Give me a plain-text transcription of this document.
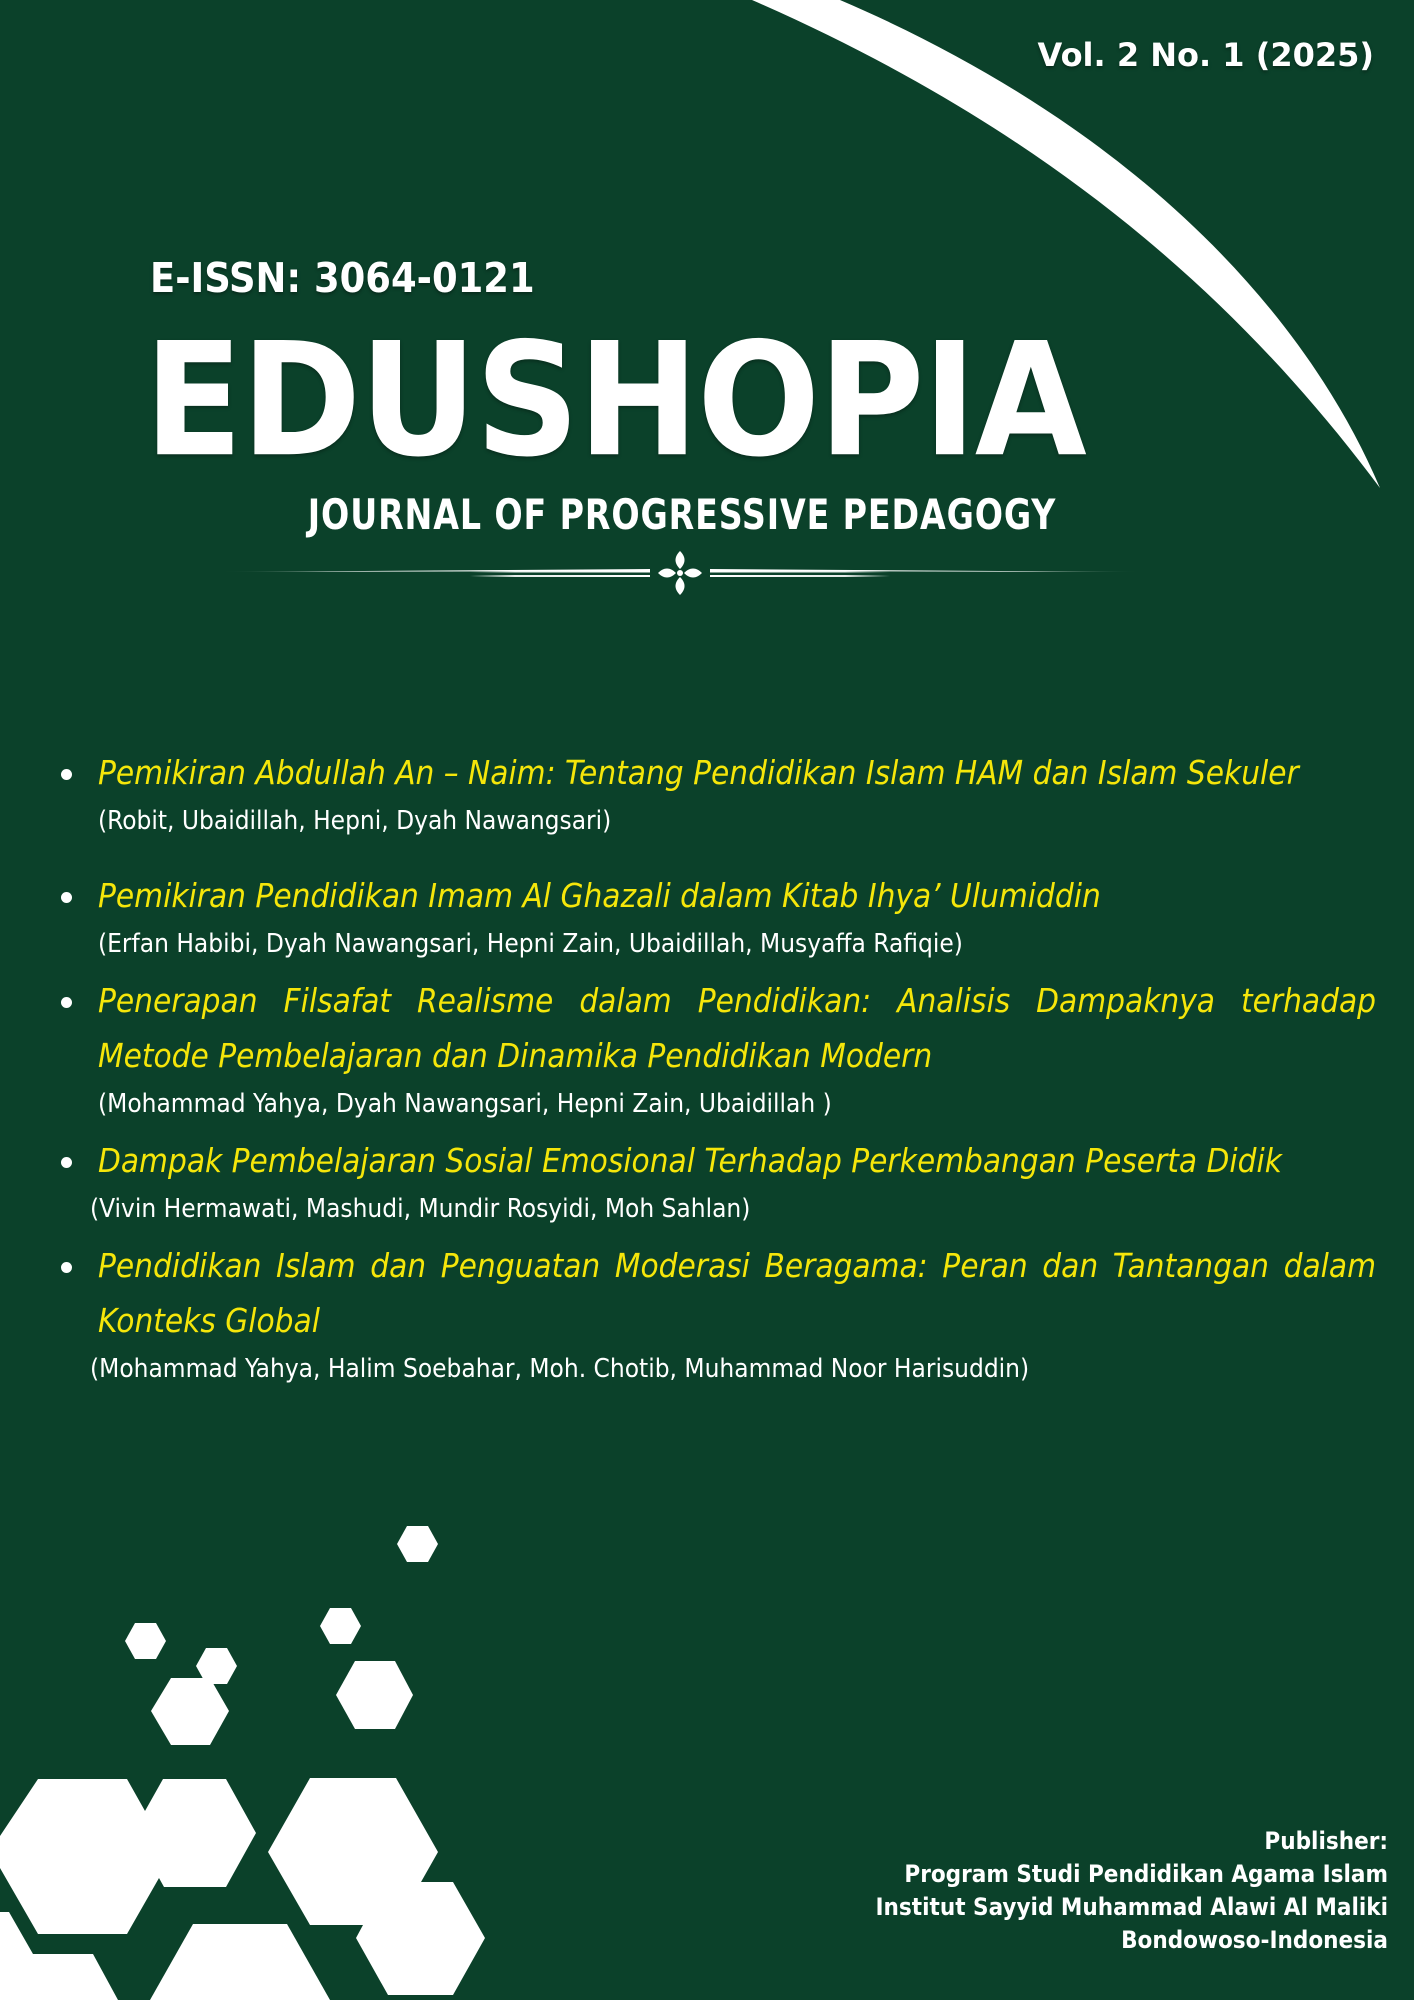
Vol. 2 No. 1 (2025)
E-ISSN: 3064-0121
EDUSHOPIA
JOURNAL OF PROGRESSIVE PEDAGOGY
Pemikiran Abdullah An – Naim: Tentang Pendidikan Islam HAM dan Islam Sekuler
(Robit, Ubaidillah, Hepni, Dyah Nawangsari)
Pemikiran Pendidikan Imam Al Ghazali dalam Kitab Ihya’ Ulumiddin
(Erfan Habibi, Dyah Nawangsari, Hepni Zain, Ubaidillah, Musyaffa Rafiqie)
Penerapan Filsafat Realisme dalam Pendidikan: Analisis Dampaknya terhadap Metode Pembelajaran dan Dinamika Pendidikan Modern
(Mohammad Yahya, Dyah Nawangsari, Hepni Zain, Ubaidillah )
Dampak Pembelajaran Sosial Emosional Terhadap Perkembangan Peserta Didik
(Vivin Hermawati, Mashudi, Mundir Rosyidi, Moh Sahlan)
Pendidikan Islam dan Penguatan Moderasi Beragama: Peran dan Tantangan dalam Konteks Global
(Mohammad Yahya, Halim Soebahar, Moh. Chotib, Muhammad Noor Harisuddin)
Publisher:
Program Studi Pendidikan Agama Islam
Institut Sayyid Muhammad Alawi Al Maliki
Bondowoso-Indonesia
